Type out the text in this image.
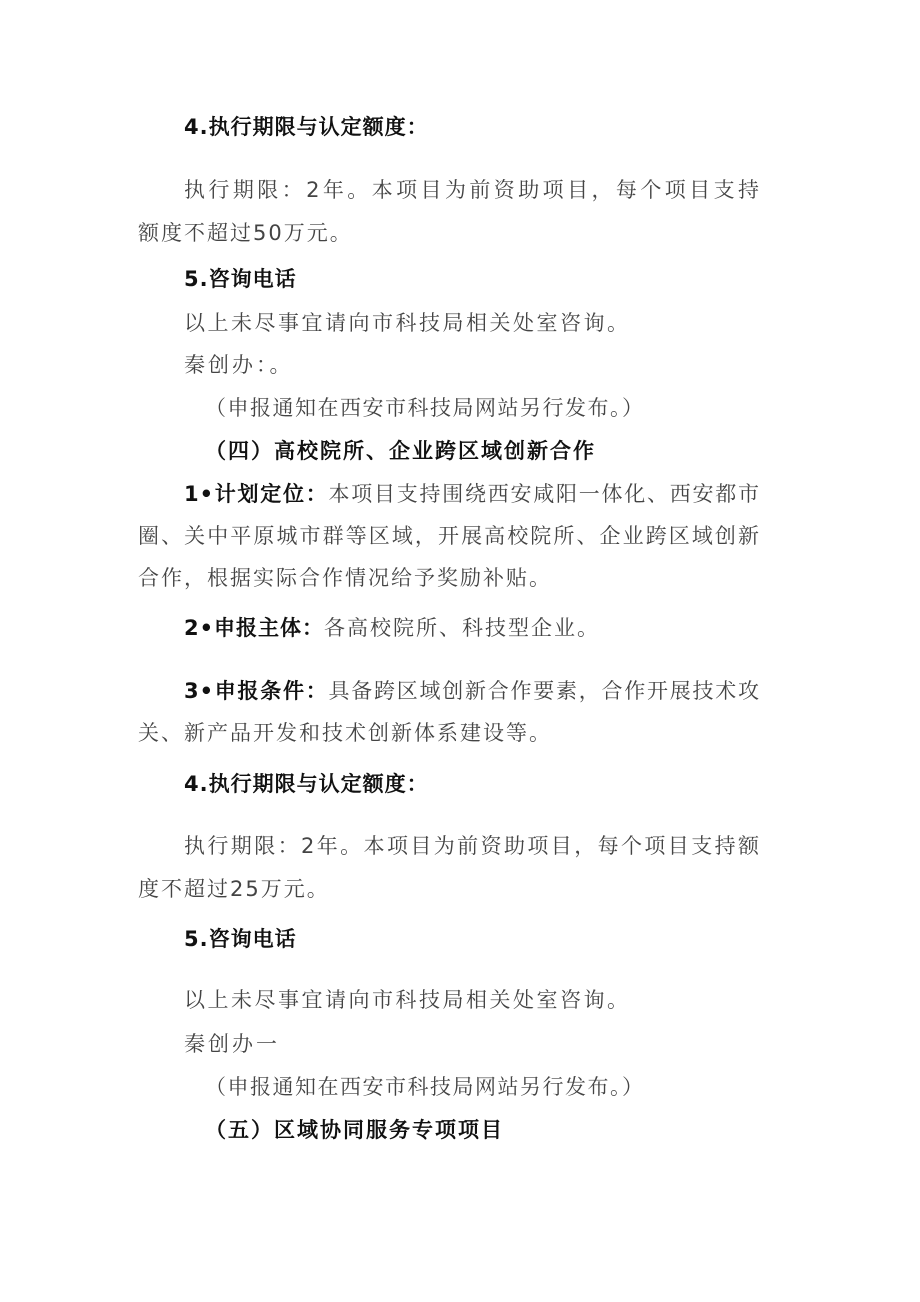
4.执行期限与认定额度：
执行期限：2年。本项目为前资助项目，每个项目支持
额度不超过50万元。
5.咨询电话
以上未尽事宜请向市科技局相关处室咨询。
秦创办：。
（申报通知在西安市科技局网站另行发布。）
（四）高校院所、企业跨区域创新合作
1•计划定位：本项目支持围绕西安咸阳一体化、西安都市
圈、关中平原城市群等区域，开展高校院所、企业跨区域创新
合作，根据实际合作情况给予奖励补贴。
2•申报主体：各高校院所、科技型企业。
3•申报条件：具备跨区域创新合作要素，合作开展技术攻
关、新产品开发和技术创新体系建设等。
4.执行期限与认定额度：
执行期限：2年。本项目为前资助项目，每个项目支持额
度不超过25万元。
5.咨询电话
以上未尽事宜请向市科技局相关处室咨询。
秦创办一
（申报通知在西安市科技局网站另行发布。）
（五）区域协同服务专项项目
